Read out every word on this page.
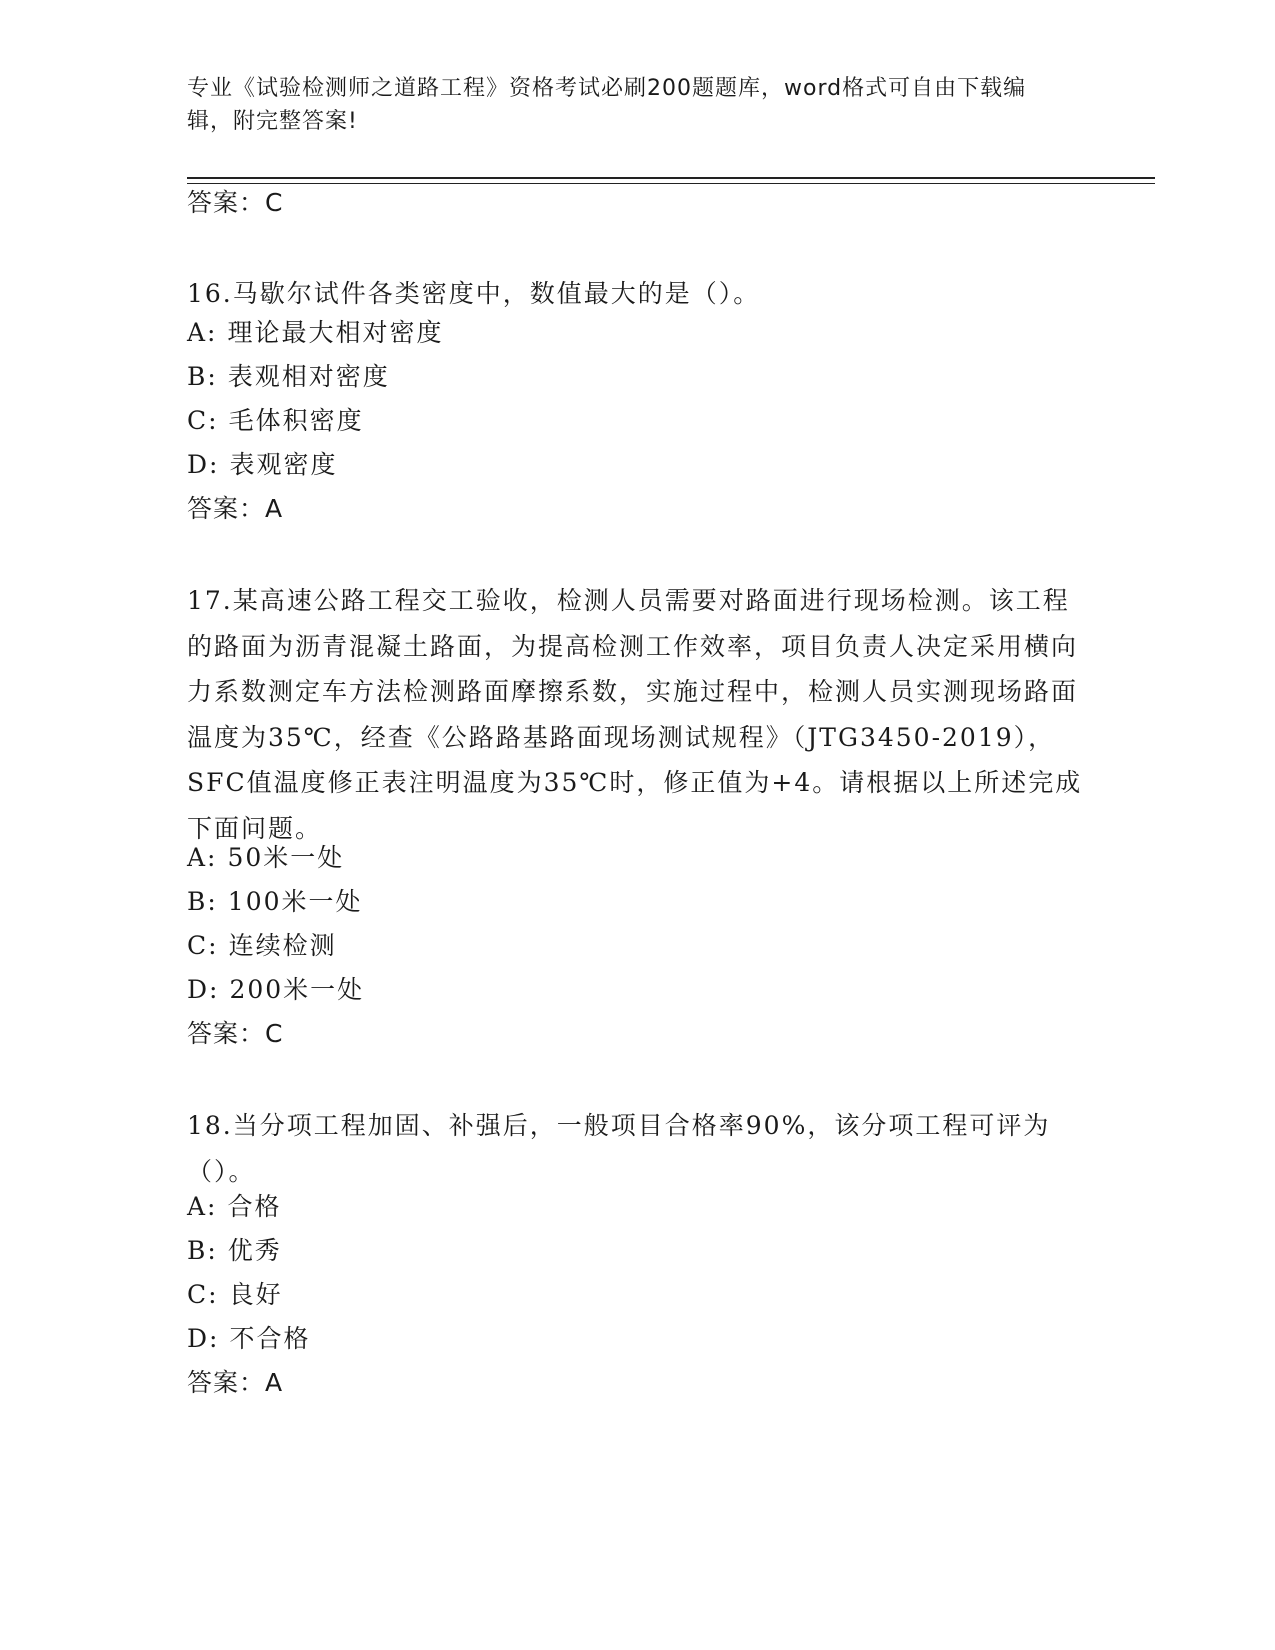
专业《试验检测师之道路工程》资格考试必刷200题题库，word格式可自由下载编辑，附完整答案!
答案：C
16.马歇尔试件各类密度中，数值最大的是（）。
A: 理论最大相对密度
B: 表观相对密度
C: 毛体积密度
D: 表观密度
答案：A
17.某高速公路工程交工验收，检测人员需要对路面进行现场检测。该工程的路面为沥青混凝土路面，为提高检测工作效率，项目负责人决定采用横向力系数测定车方法检测路面摩擦系数，实施过程中，检测人员实测现场路面温度为35℃，经查《公路路基路面现场测试规程》（JTG3450-2019），SFC值温度修正表注明温度为35℃时，修正值为+4。请根据以上所述完成下面问题。
A: 50米一处
B: 100米一处
C: 连续检测
D: 200米一处
答案：C
18.当分项工程加固、补强后，一般项目合格率90%，该分项工程可评为（）。
A: 合格
B: 优秀
C: 良好
D: 不合格
答案：A
